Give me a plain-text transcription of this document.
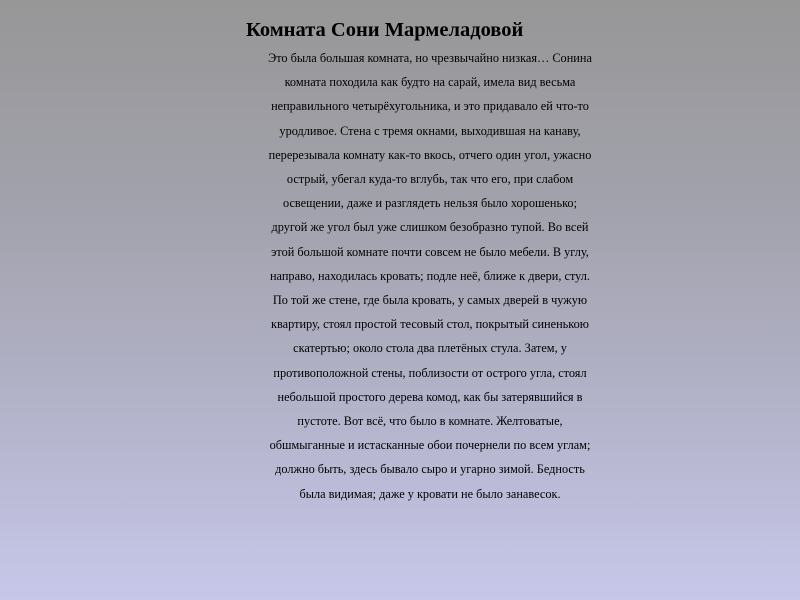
Комната Сони Мармеладовой

Это была большая комната, но чрезвычайно низкая… Сонина
комната походила как будто на сарай, имела вид весьма
неправильного четырёхугольника, и это придавало ей что-то
уродливое. Стена с тремя окнами, выходившая на канаву,
перерезывала комнату как-то вкось, отчего один угол, ужасно
острый, убегал куда-то вглубь, так что его, при слабом
освещении, даже и разглядеть нельзя было хорошенько;
другой же угол был уже слишком безобразно тупой. Во всей
этой большой комнате почти совсем не было мебели. В углу,
направо, находилась кровать; подле неё, ближе к двери, стул.
По той же стене, где была кровать, у самых дверей в чужую
квартиру, стоял простой тесовый стол, покрытый синенькою
скатертью; около стола два плетёных стула. Затем, у
противоположной стены, поблизости от острого угла, стоял
небольшой простого дерева комод, как бы затерявшийся в
пустоте. Вот всё, что было в комнате. Желтоватые,
обшмыганные и истасканные обои почернели по всем углам;
должно быть, здесь бывало сыро и угарно зимой. Бедность
была видимая; даже у кровати не было занавесок.
